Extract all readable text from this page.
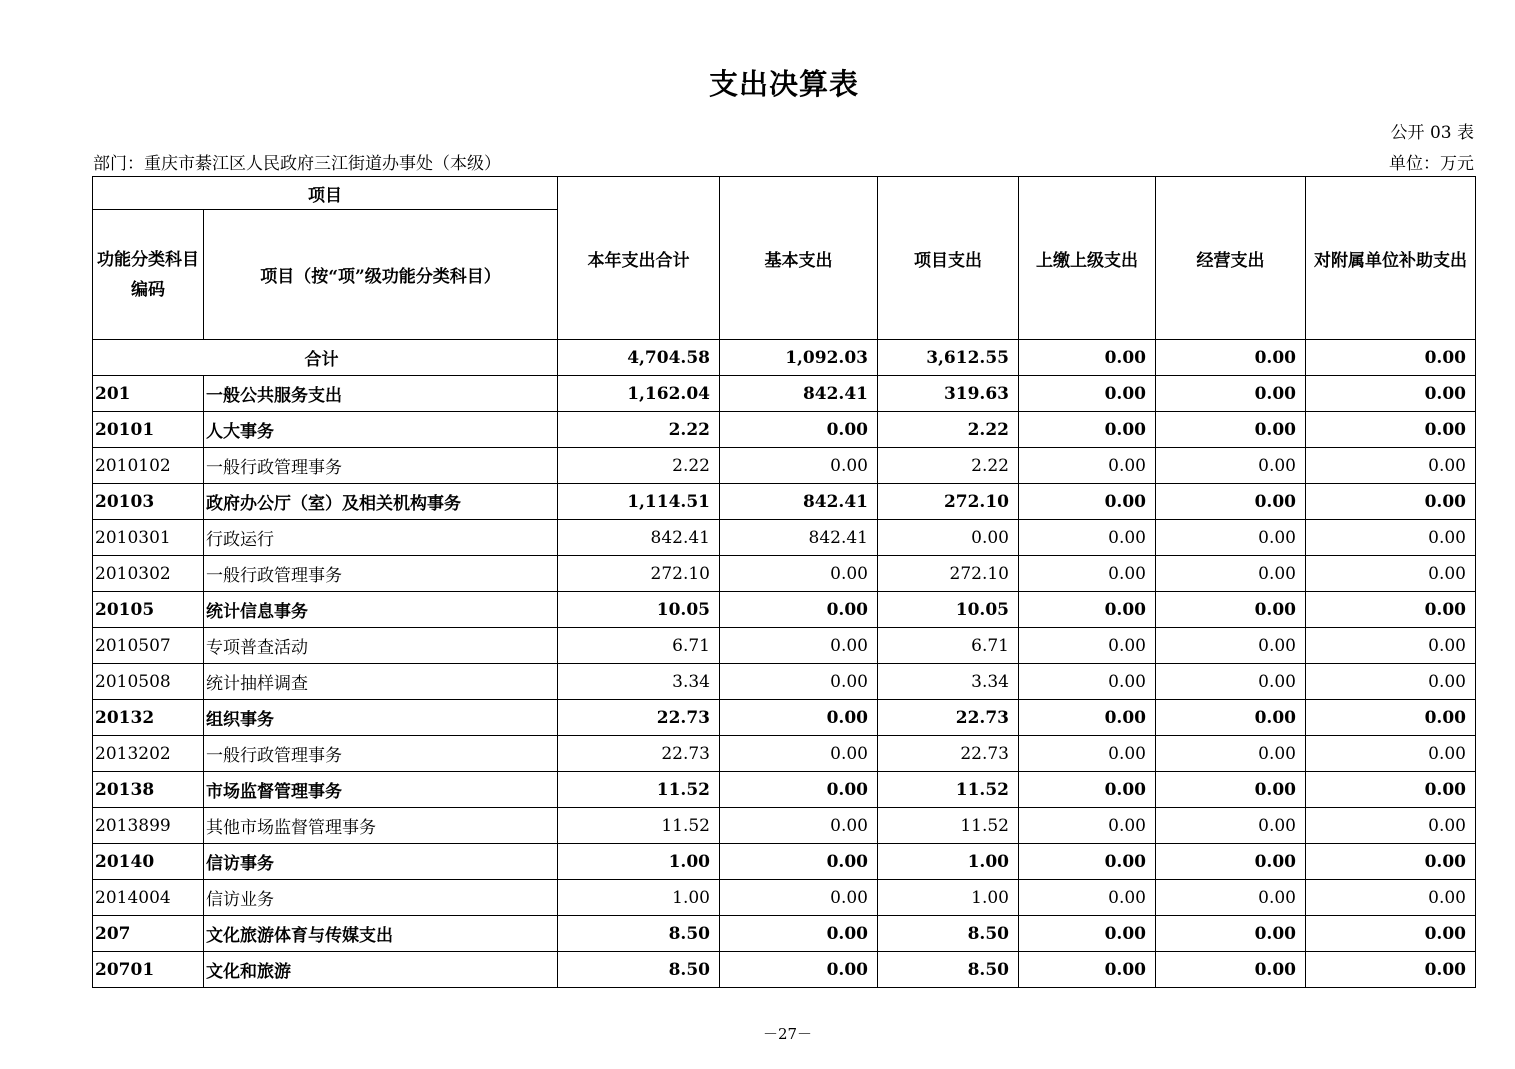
支出决算表
公开 03 表
部门：重庆市綦江区人民政府三江街道办事处（本级）	单位：万元
项目		本年支出合计	基本支出	项目支出	上缴上级支出	经营支出	对附属单位补助支出
功能分类科目编码	项目（按“项”级功能分类科目）						
合计		4,704.58	1,092.03	3,612.55	0.00	0.00	0.00
201	一般公共服务支出	1,162.04	842.41	319.63	0.00	0.00	0.00
20101	人大事务	2.22	0.00	2.22	0.00	0.00	0.00
2010102	一般行政管理事务	2.22	0.00	2.22	0.00	0.00	0.00
20103	政府办公厅（室）及相关机构事务	1,114.51	842.41	272.10	0.00	0.00	0.00
2010301	行政运行	842.41	842.41	0.00	0.00	0.00	0.00
2010302	一般行政管理事务	272.10	0.00	272.10	0.00	0.00	0.00
20105	统计信息事务	10.05	0.00	10.05	0.00	0.00	0.00
2010507	专项普查活动	6.71	0.00	6.71	0.00	0.00	0.00
2010508	统计抽样调查	3.34	0.00	3.34	0.00	0.00	0.00
20132	组织事务	22.73	0.00	22.73	0.00	0.00	0.00
2013202	一般行政管理事务	22.73	0.00	22.73	0.00	0.00	0.00
20138	市场监督管理事务	11.52	0.00	11.52	0.00	0.00	0.00
2013899	其他市场监督管理事务	11.52	0.00	11.52	0.00	0.00	0.00
20140	信访事务	1.00	0.00	1.00	0.00	0.00	0.00
2014004	信访业务	1.00	0.00	1.00	0.00	0.00	0.00
207	文化旅游体育与传媒支出	8.50	0.00	8.50	0.00	0.00	0.00
20701	文化和旅游	8.50	0.00	8.50	0.00	0.00	0.00
－27－
